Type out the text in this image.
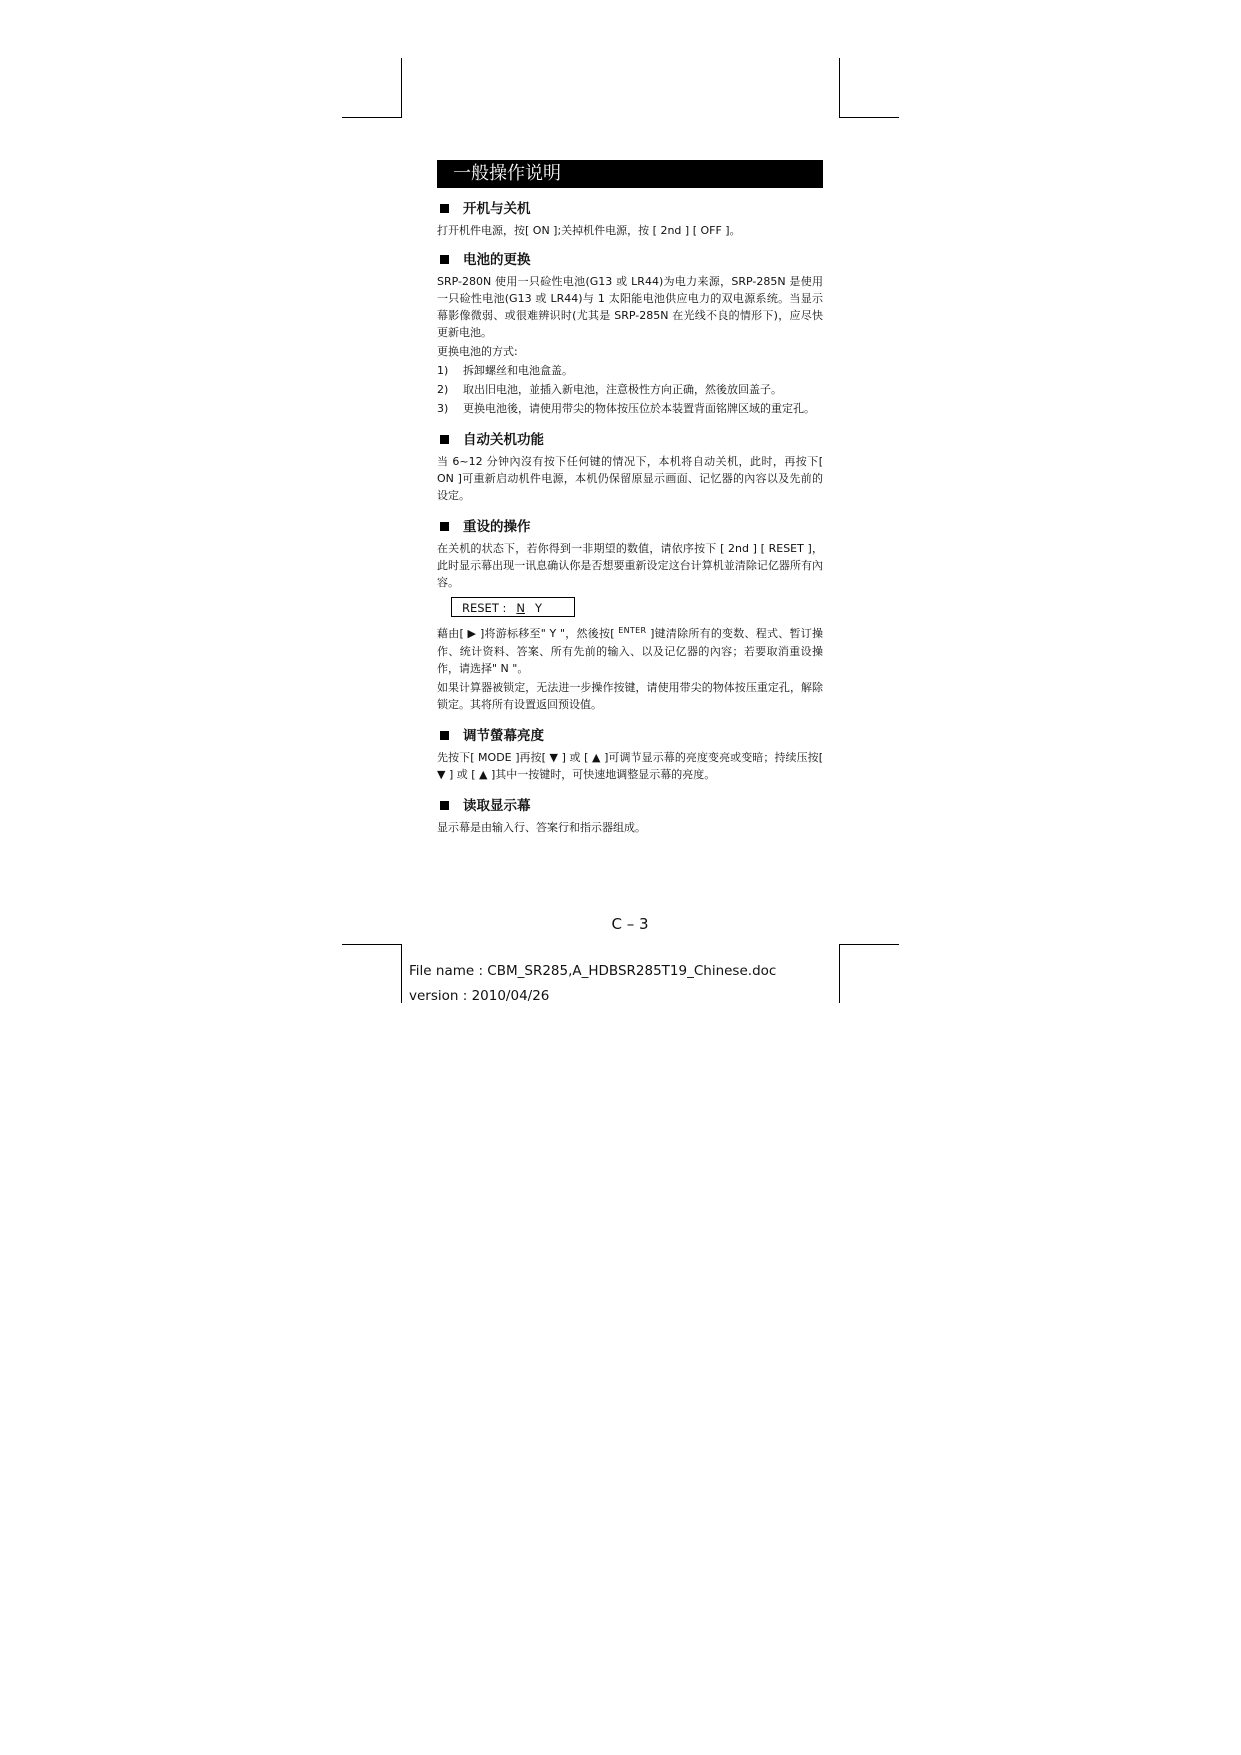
一般操作说明
开机与关机

打开机件电源，按[ ON ];关掉机件电源，按 [ 2nd ] [ OFF ]。

电池的更换

SRP-280N 使用一只硷性电池(G13 或 LR44)为电力来源，SRP-285N 是使用一只硷性电池(G13 或 LR44)与 1 太阳能电池供应电力的双电源系统。当显示幕影像微弱、或很难辨识时(尤其是 SRP-285N 在光线不良的情形下)，应尽快更新电池。

更换电池的方式:

1) 拆卸螺丝和电池盒盖。
2) 取出旧电池，並插入新电池，注意极性方向正确，然後放回盖子。
3) 更换电池後，请使用带尖的物体按压位於本装置背面铭牌区域的重定孔。
自动关机功能

当 6~12 分钟內沒有按下任何键的情况下，本机将自动关机，此时，再按下[ ON ]可重新启动机件电源，本机仍保留原显示画面、记忆器的內容以及先前的设定。

重设的操作

在关机的状态下，若你得到一非期望的数值，请依序按下 [ 2nd ] [ RESET ]，此时显示幕出现一讯息确认你是否想要重新设定这台计算机並清除记亿器所有內容。

RESET : N Y

藉由[ ▶ ]将游标移至" Y "，然後按[ $^{ENTER}$ ]键清除所有的变数、程式、暂订操作、统计资料、答案、所有先前的输入、以及记亿器的內容；若要取消重设操作，请选择" N "。

如果计算器被锁定，无法进一步操作按键，请使用带尖的物体按压重定孔，解除锁定。其将所有设置返回预设值。

调节螢幕亮度

先按下[ MODE ]再按[ ▼ ] 或 [ ▲ ]可调节显示幕的亮度变亮或变暗；持续压按[ ▼ ] 或 [ ▲ ]其中一按键时，可快速地调整显示幕的亮度。

读取显示幕

显示幕是由输入行、答案行和指示器组成。

C – 3
File name : CBM_SR285,A_HDBSR285T19_Chinese.doc
version : 2010/04/26
